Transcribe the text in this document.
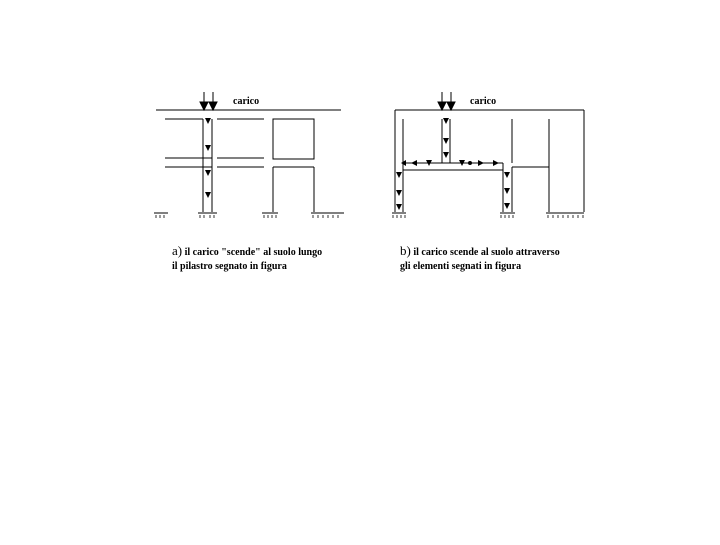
carico
a) il carico "scende" al suolo lungo
il pilastro segnato in figura
carico
b) il carico scende al suolo attraverso
gli elementi segnati in figura
